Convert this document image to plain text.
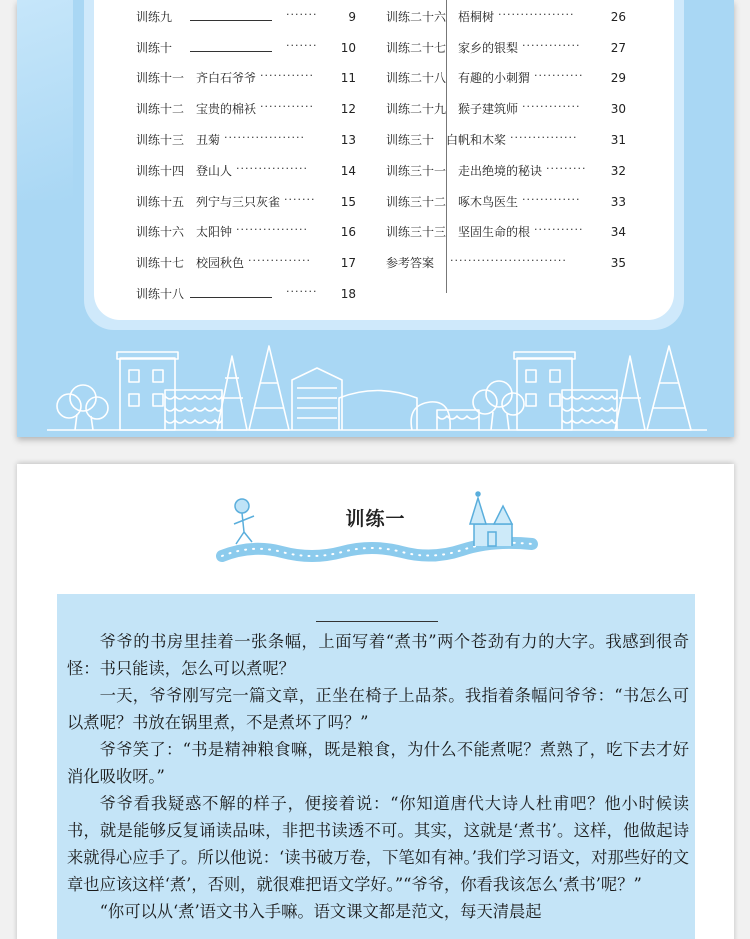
训练九	·······	9
训练十	·······	10
训练十一 齐白石爷爷 ············	11
训练十二 宝贵的棉袄 ············	12
训练十三 丑菊 ··················	13
训练十四 登山人 ················	14
训练十五 列宁与三只灰雀 ·······	15
训练十六 太阳钟 ················	16
训练十七 校园秋色 ··············	17
训练十八	·······	18
训练二十六 梧桐树 ·················	26
训练二十七 家乡的银梨 ·············	27
训练二十八 有趣的小刺猬 ···········	29
训练二十九 猴子建筑师 ·············	30
训练三十 白帆和木桨 ···············	31
训练三十一 走出绝境的秘诀 ·········	32
训练三十二 啄木鸟医生 ·············	33
训练三十三 坚固生命的根 ···········	34
参考答案 ··························	35
训练一

爷爷的书房里挂着一张条幅，上面写着“煮书”两个苍劲有力的大字。我感到很奇怪：书只能读，怎么可以煮呢？

一天，爷爷刚写完一篇文章，正坐在椅子上品茶。我指着条幅问爷爷：“书怎么可以煮呢？书放在锅里煮，不是煮坏了吗？”

爷爷笑了：“书是精神粮食嘛，既是粮食，为什么不能煮呢？煮熟了，吃下去才好消化吸收呀。”

爷爷看我疑惑不解的样子，便接着说：“你知道唐代大诗人杜甫吧？他小时候读书，就是能够反复诵读品味，非把书读透不可。其实，这就是‘煮书’。这样，他做起诗来就得心应手了。所以他说：‘读书破万卷，下笔如有神。’我们学习语文，对那些好的文章也应该这样‘煮’，否则，就很难把语文学好。”“爷爷，你看我该怎么‘煮书’呢？”

“你可以从‘煮’语文书入手嘛。语文课文都是范文，每天清晨起
